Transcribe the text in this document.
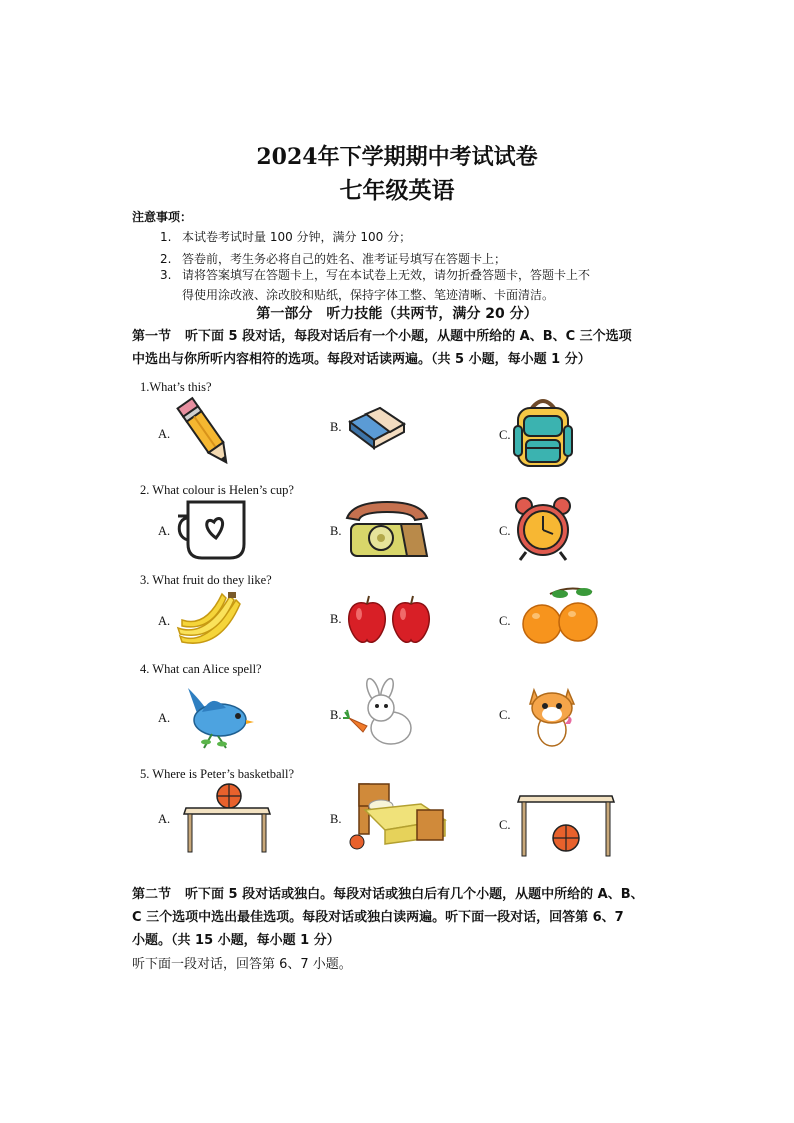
2024年下学期期中考试试卷
七年级英语
注意事项：
1. 本试卷考试时量 100 分钟，满分 100 分；
2. 答卷前，考生务必将自己的姓名、准考证号填写在答题卡上；
3. 请将答案填写在答题卡上，写在本试卷上无效，请勿折叠答题卡，答题卡上不
得使用涂改液、涂改胶和贴纸，保持字体工整、笔迹清晰、卡面清洁。
第一部分　听力技能（共两节，满分 20 分）
第一节 听下面 5 段对话，每段对话后有一个小题，从题中所给的 A、B、C 三个选项
中选出与你所听内容相符的选项。每段对话读两遍。（共 5 小题，每小题 1 分）
1.What’s this?
A.	B.
C.
2. What colour is Helen’s cup?
A.	B.	C.
3. What fruit do they like?
A.	B.	C.
4. What can Alice spell?
A.	B.	C.
5. Where is Peter’s basketball?
A.	B.	C.
第二节 听下面 5 段对话或独白。每段对话或独白后有几个小题，从题中所给的 A、B、
C 三个选项中选出最佳选项。每段对话或独白读两遍。听下面一段对话，回答第 6、7
小题。（共 15 小题，每小题 1 分）
听下面一段对话，回答第 6、7 小题。
